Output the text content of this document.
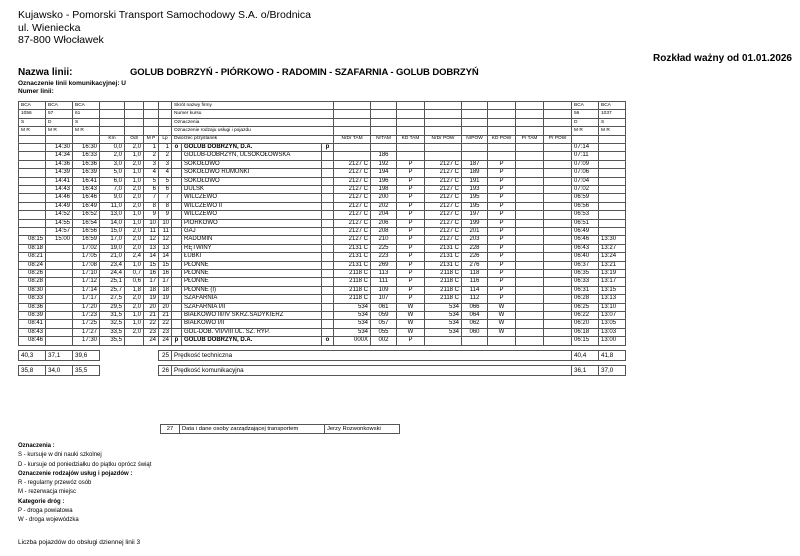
Kujawsko - Pomorski Transport Samochodowy S.A. o/Brodnica
ul. Wieniecka
87-800 Włocławek
Rozkład ważny od 01.01.2026
Nazwa linii:	GOLUB DOBRZYŃ - PIÓRKOWO - RADOMIN - SZAFARNIA - GOLUB DOBRZYŃ
Oznaczenie linii komunikacyjnej: U
Numer linii:
BCA	BCA	BCA					Skrót nazwy firmy											BCA	BCA
1056	57	61					Numer kursu											56	1037
S	D	S					Oznaczenia											D	S
M R	M R	M R					Oznaczenie rodzaju usługi i pojazdu											M R	M R
			Km	Odl	M P	Lp	Dworzec przystanek			NrDr TAM	NrTAM	KD TAM	NrDr POW	NrPOW	KD POW	Pr TAM	Pr POW		
	14:30	16:30	0,0	2,0	1	1	o	GOLUB DOBRZYŃ, D.A.	p									07:14	
	14:34	16:33	2,0	1,0	2	2		GOLUB-DOBRZYŃ, ULSOKOŁOWSKA			186							07:11	
	14:36	16:36	3,0	2,0	3	3		SOKOŁOWO		2127 C	192	P	2127 C	187	P			07:09	
	14:39	16:39	5,0	1,0	4	4		SOKOŁOWO RUMUNKI		2127 C	194	P	2127 C	189	P			07:06	
	14:41	16:41	6,0	1,0	5	5		SOKOŁOWO		2127 C	196	P	2127 C	191	P			07:04	
	14:43	16:43	7,0	2,0	6	6		DULSK		2127 C	198	P	2127 C	193	P			07:02	
	14:46	16:46	9,0	2,0	7	7		WILCZEWO		2127 C	200	P	2127 C	195	P			06:59	
	14:49	16:49	11,0	2,0	8	8		WILCZEWO II		2127 C	202	P	2127 C	195	P			06:56	
	14:52	16:52	13,0	1,0	9	9		WILCZEWO		2127 C	204	P	2127 C	197	P			06:53	
	14:55	16:54	14,0	1,0	10	10		PIÓRKOWO		2127 C	206	P	2127 C	199	P			06:51	
	14:57	16:56	15,0	2,0	11	11		GAJ		2127 C	208	P	2127 C	201	P			06:49	
08:15	15:00	16:59	17,0	2,0	12	12		RADOMIN		2127 C	210	P	2127 C	203	P			06:46	13:30
08:18		17:02	19,0	2,0	13	13		RĘTWINY		2131 C	225	P	2131 C	228	P			06:43	13:27
08:21		17:05	21,0	2,4	14	14		ŁUBKI		2131 C	223	P	2131 C	226	P			06:40	13:24
08:24		17:08	23,4	1,0	15	15		PŁONNE		2131 C	269	P	2131 C	276	P			06:37	13:21
08:26		17:10	24,4	0,7	16	16		PŁONNE		2118 C	113	P	2118 C	118	P			06:35	13:19
08:28		17:12	25,1	0,6	17	17		PŁONNE		2118 C	111	P	2118 C	116	P			06:33	13:17
08:30		17:14	25,7	1,8	18	18		PŁONNE (I)		2118 C	109	P	2118 C	114	P			06:31	13:15
08:33		17:17	27,5	2,0	19	19		SZAFARNIA		2118 C	107	P	2118 C	112	P			06:28	13:13
08:36		17:20	29,5	2,0	20	20		SZAFARNIA I/II		534	061	W	534	066	W			06:25	13:10
08:39		17:23	31,5	1,0	21	21		BIAŁKOWO III/IV SKRZ.SADYKIERZ		534	059	W	534	064	W			06:22	13:07
08:41		17:25	32,5	1,0	22	22		BIAŁKOWO I/II		534	057	W	534	062	W			06:20	13:05
08:43		17:27	33,5	2,0	23	23		GOL-DOB. VII/VIII UL. SZ. RYP.		534	055	W	534	060	W			06:18	13:03
08:46		17:30	35,5		24	24	p	GOLUB DOBRZYŃ, D.A.	o	000X	002	P						06:15	13:00

40,3	37,1	39,6				25	Prędkość techniczna											40,4	41,8

35,8	34,0	35,5				26	Prędkość komunikacyjna											36,1	37,0
27	Data i dane osoby zarządzającej transportem	Jerzy Rozwonkowski
Oznaczenia :
S - kursuje w dni nauki szkolnej
D - kursuje od poniedziałku do piątku oprócz świąt
Oznaczenie rodzajów usług i pojazdów :
R - regularny przewóz osób
M - rezerwacja miejsc
Kategorie dróg :
P - droga powiatowa
W - droga wojewódzka
Liczba pojazdów do obsługi dziennej linii 3
